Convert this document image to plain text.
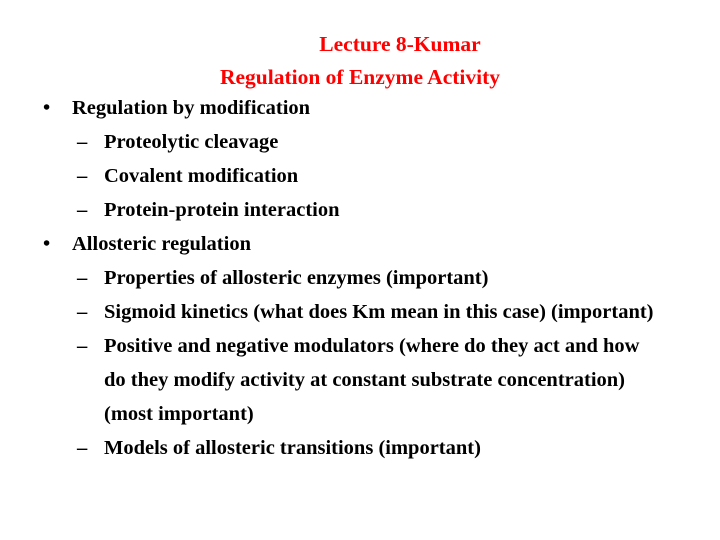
Lecture 8-Kumar
Regulation of Enzyme Activity
• Regulation by modification
– Proteolytic cleavage
– Covalent modification
– Protein-protein interaction
• Allosteric regulation
– Properties of allosteric enzymes (important)
– Sigmoid kinetics (what does Km mean in this case) (important)
– Positive and negative modulators (where do they act and how do they modify activity at constant substrate concentration) (most important)
– Models of allosteric transitions (important)
